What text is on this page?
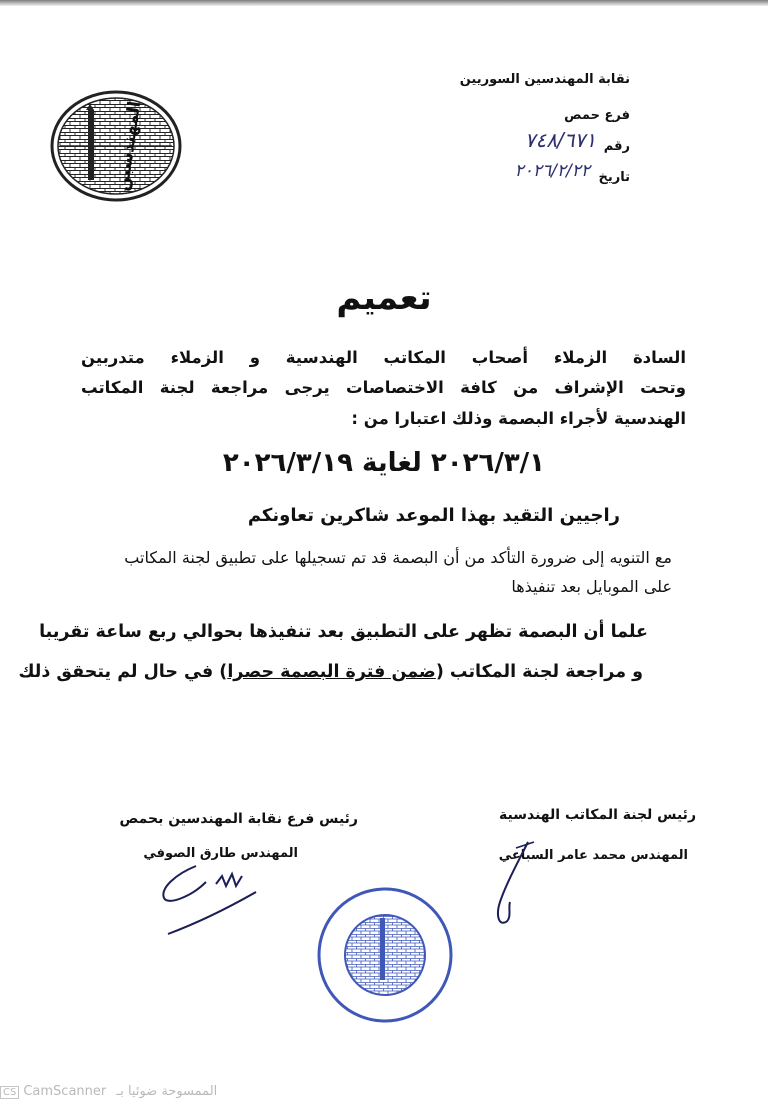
المهندسين
نقابة المهندسين السوريين
فرع حمص
رقم
٧٤٨/٦٧١
تاريخ
٢٠٢٦/٢/٢٢
تعميم
السادة الزملاء أصحاب المكاتب الهندسية و الزملاء متدربين
وتحت الإشراف من كافة الاختصاصات يرجى مراجعة لجنة المكاتب
الهندسية لأجراء البصمة وذلك اعتبارا من :
٢٠٢٦/٣/١ لغاية ٢٠٢٦/٣/١٩
راجيين التقيد بهذا الموعد شاكرين تعاونكم
مع التنويه إلى ضرورة التأكد من أن البصمة قد تم تسجيلها على تطبيق لجنة المكاتب
على الموبايل بعد تنفيذها
علما أن البصمة تظهر على التطبيق بعد تنفيذها بحوالي ربع ساعة تقريبا
و مراجعة لجنة المكاتب (ضمن فترة البصمة حصرا) في حال لم يتحقق ذلك
رئيس لجنة المكاتب الهندسية
المهندس محمد عامر السباعي
رئيس فرع نقابة المهندسين بحمص
المهندس طارق الصوفي
CS CamScanner الممسوحة ضوئيا بـ
